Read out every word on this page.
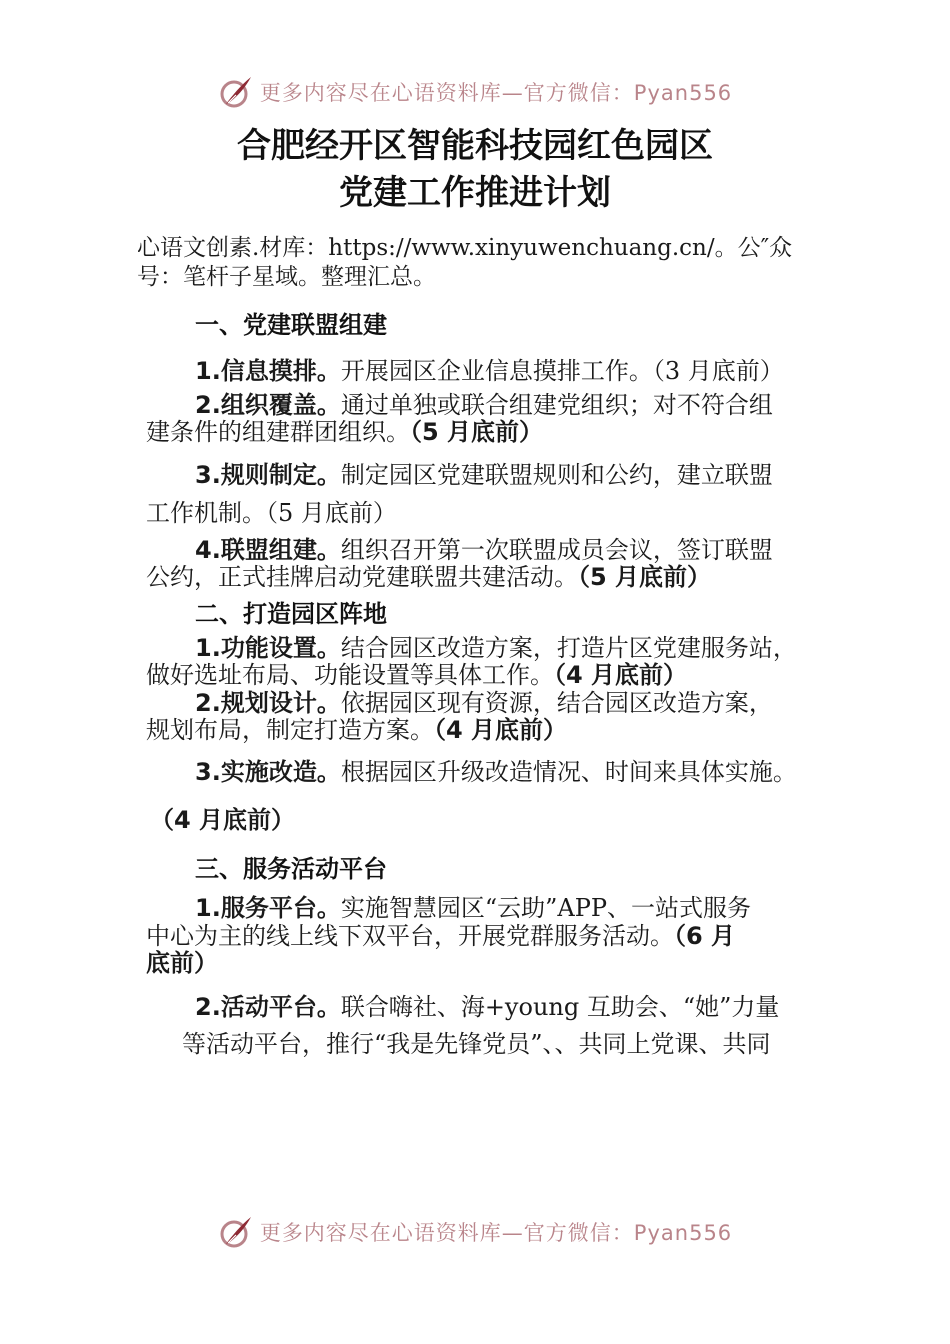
更多内容尽在心语资料库—官方微信：Pyan556
合肥经开区智能科技园红色园区
党建工作推进计划
心语文创素.材库：https://www.xinyuwenchuang.cn/。公″众
号：笔杆子星域。整理汇总。
一、党建联盟组建
1.信息摸排。开展园区企业信息摸排工作。（3 月底前）
2.组织覆盖。通过单独或联合组建党组织；对不符合组
建条件的组建群团组织。（5 月底前）
3.规则制定。制定园区党建联盟规则和公约，建立联盟
工作机制。（5 月底前）
4.联盟组建。组织召开第一次联盟成员会议，签订联盟
公约，正式挂牌启动党建联盟共建活动。（5 月底前）
二、打造园区阵地
1.功能设置。结合园区改造方案，打造片区党建服务站，
做好选址布局、功能设置等具体工作。（4 月底前）
2.规划设计。依据园区现有资源，结合园区改造方案，
规划布局，制定打造方案。（4 月底前）
3.实施改造。根据园区升级改造情况、时间来具体实施。
（4 月底前）
三、服务活动平台
1.服务平台。实施智慧园区“云助”APP、一站式服务
中心为主的线上线下双平台，开展党群服务活动。（6 月
底前）
2.活动平台。联合嗨社、海+young 互助会、“她”力量
等活动平台，推行“我是先锋党员”、、共同上党课、共同
更多内容尽在心语资料库—官方微信：Pyan556
